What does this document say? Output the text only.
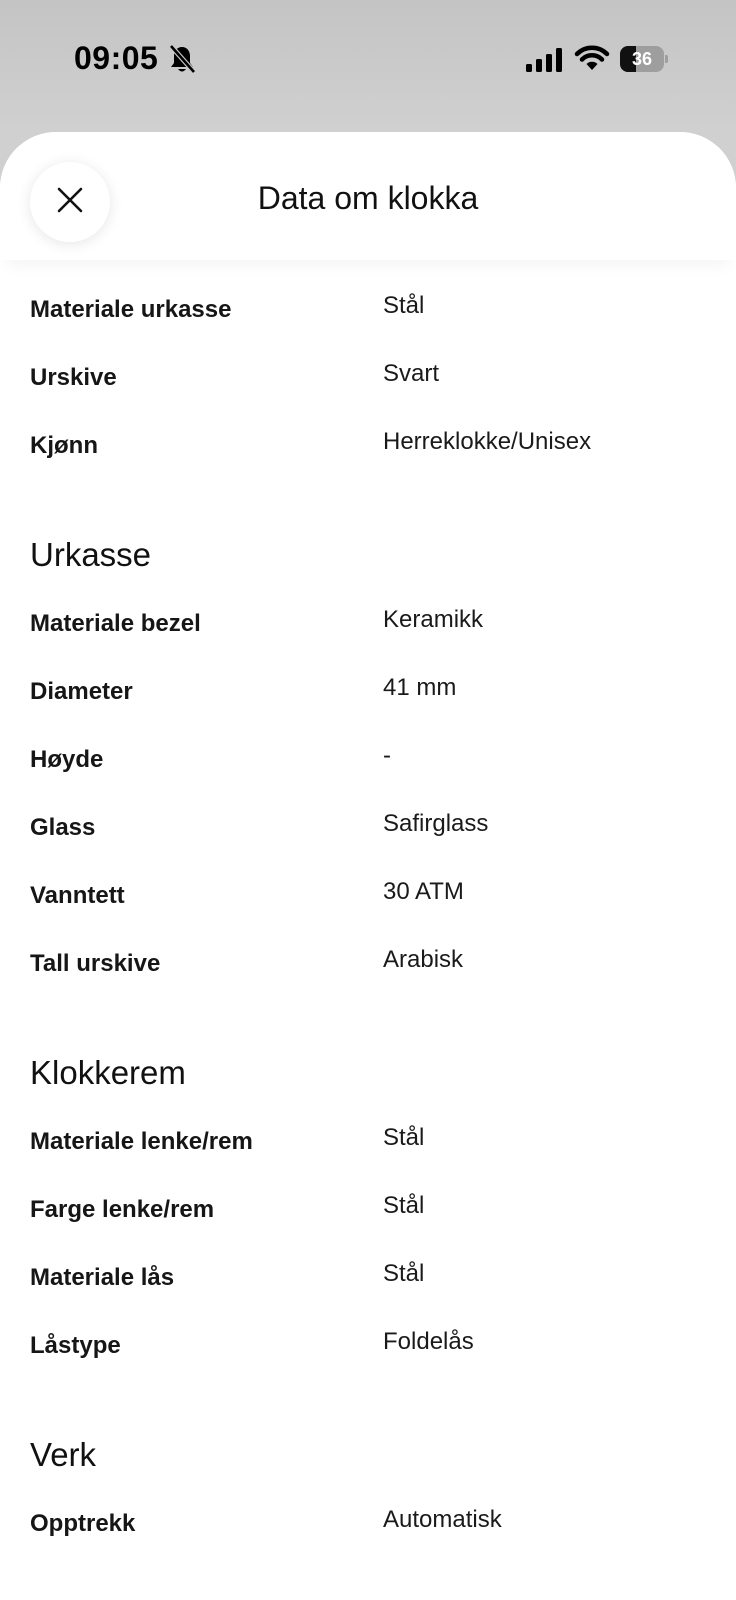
09:05	36
Materiale urkasse	Stål
Urskive	Svart
Kjønn	Herreklokke/Unisex
Urkasse
Materiale bezel	Keramikk
Diameter	41 mm
Høyde	-
Glass	Safirglass
Vanntett	30 ATM
Tall urskive	Arabisk
Klokkerem
Materiale lenke/rem	Stål
Farge lenke/rem	Stål
Materiale lås	Stål
Låstype	Foldelås
Verk
Opptrekk	Automatisk
Data om klokka
